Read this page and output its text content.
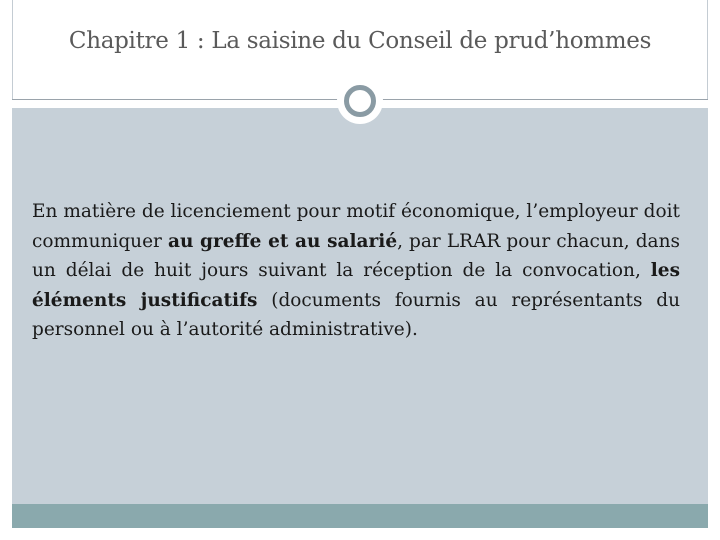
Chapitre 1 : La saisine du Conseil de prud’hommes

En matière de licenciement pour motif économique, l’employeur doit communiquer au greffe et au salarié, par LRAR pour chacun, dans un délai de huit jours suivant la réception de la convocation, les éléments justificatifs (documents fournis au représentants du personnel ou à l’autorité administrative).
